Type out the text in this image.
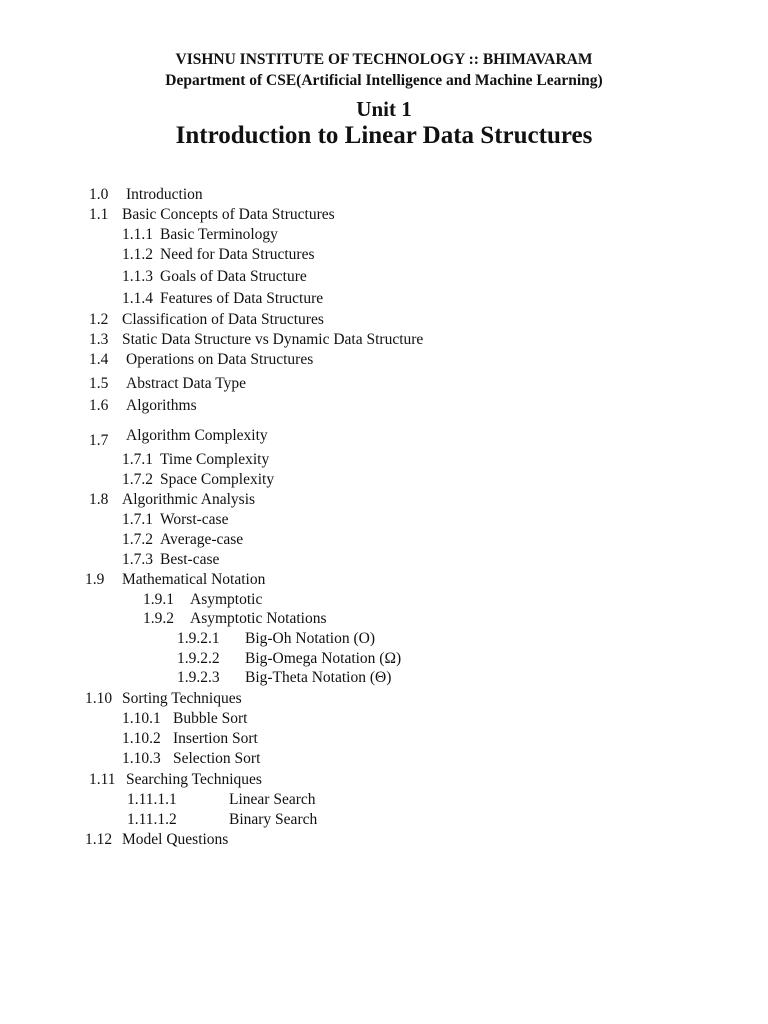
VISHNU INSTITUTE OF TECHNOLOGY :: BHIMAVARAM
Department of CSE(Artificial Intelligence and Machine Learning)
Unit 1
Introduction to Linear Data Structures
1.0 Introduction
1.1 Basic Concepts of Data Structures
1.1.1 Basic Terminology
1.1.2 Need for Data Structures
1.1.3 Goals of Data Structure
1.1.4 Features of Data Structure
1.2 Classification of Data Structures
1.3 Static Data Structure vs Dynamic Data Structure
1.4 Operations on Data Structures
1.5 Abstract Data Type
1.6 Algorithms
1.7 Algorithm Complexity
1.7.1 Time Complexity
1.7.2 Space Complexity
1.8 Algorithmic Analysis
1.7.1 Worst-case
1.7.2 Average-case
1.7.3 Best-case
1.9 Mathematical Notation
1.9.1 Asymptotic
1.9.2 Asymptotic Notations
1.9.2.1 Big-Oh Notation (O)
1.9.2.2 Big-Omega Notation (Ω)
1.9.2.3 Big-Theta Notation (Θ)
1.10 Sorting Techniques
1.10.1 Bubble Sort
1.10.2 Insertion Sort
1.10.3 Selection Sort
1.11 Searching Techniques
1.11.1.1	Linear Search
1.11.1.2	Binary Search
1.12 Model Questions
